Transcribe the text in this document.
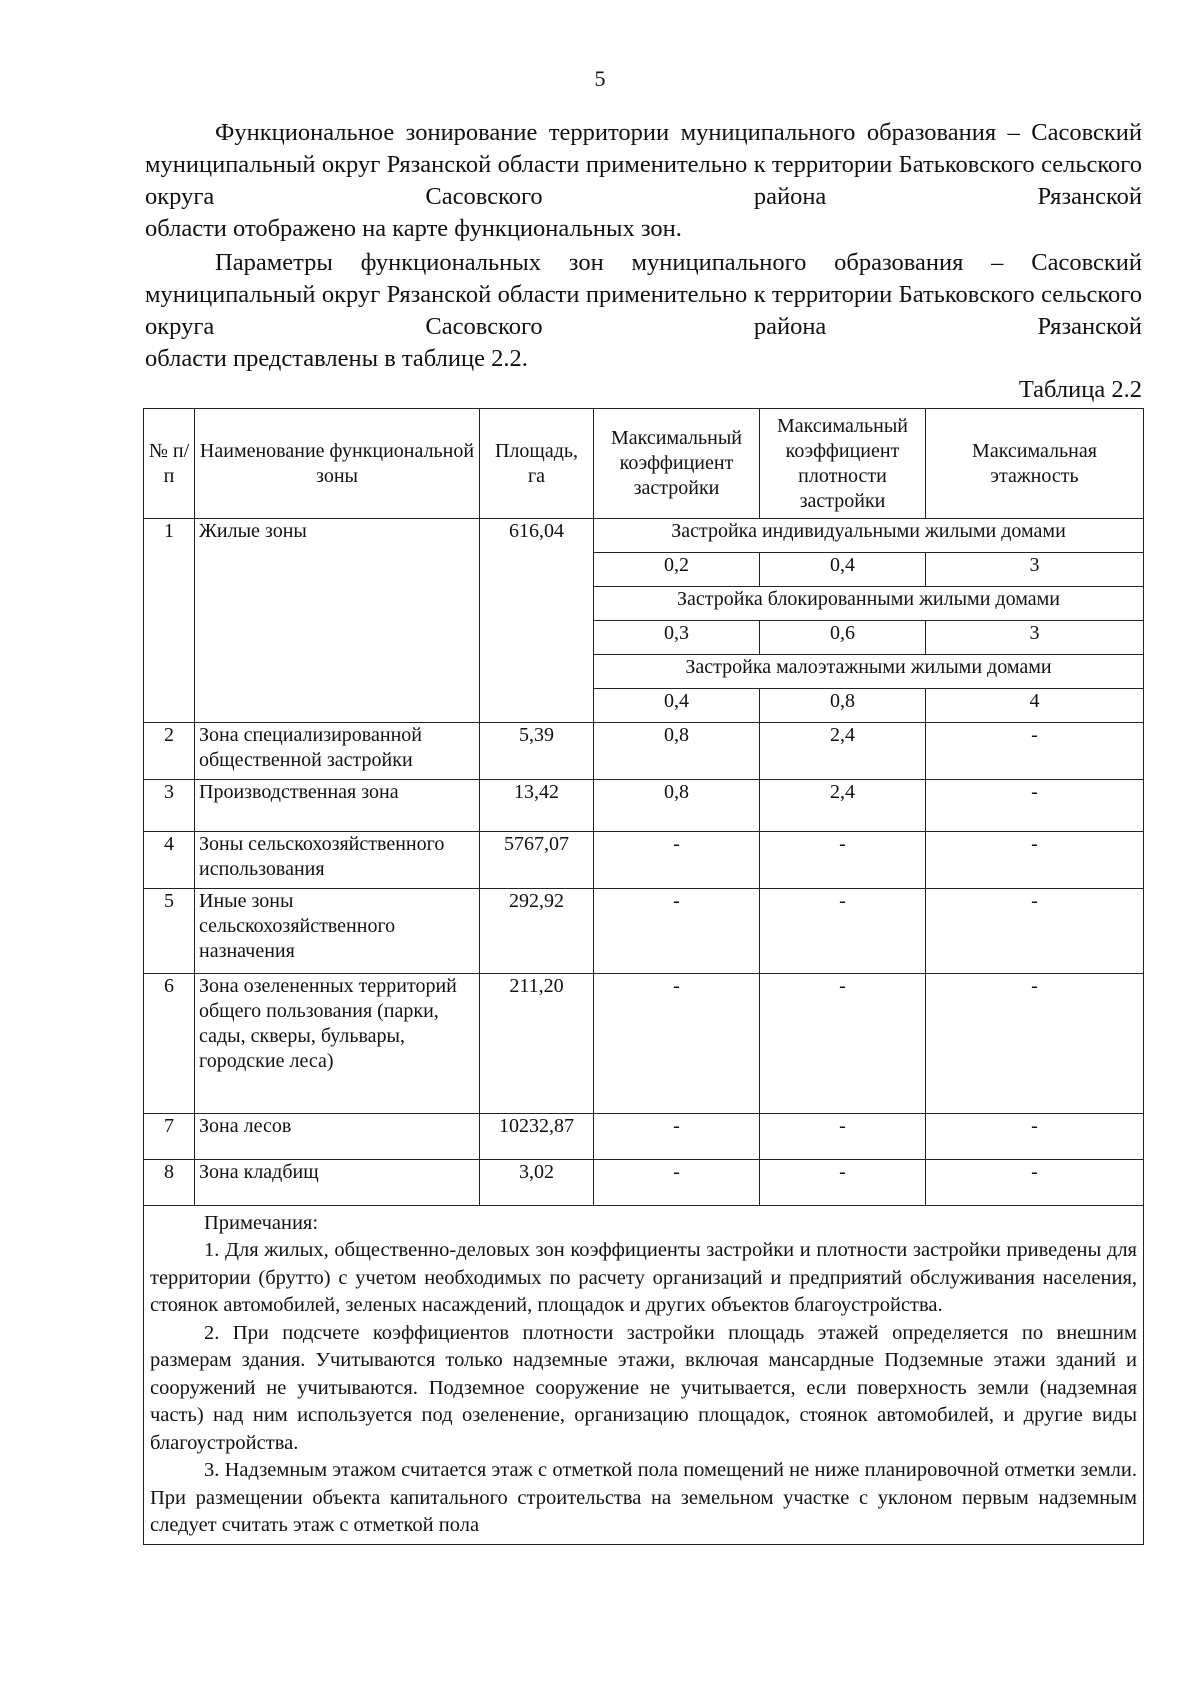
5

Функциональное зонирование территории муниципального образования – Сасовский муниципальный округ Рязанской области применительно к территории Батьковского сельского округа Сасовского района Рязанской
области отображено на карте функциональных зон.

Параметры функциональных зон муниципального образования – Сасовский муниципальный округ Рязанской области применительно к территории Батьковского сельского округа Сасовского района Рязанской
области представлены в таблице 2.2.

Таблица 2.2
№ п/п	Наименование функциональной зоны	Площадь, га	Максимальный коэффициент застройки	Максимальный коэффициент плотности застройки	Максимальная этажность
1	Жилые зоны	616,04	Застройка индивидуальными жилыми домами		
			0,2	0,4	3
			Застройка блокированными жилыми домами		
			0,3	0,6	3
			Застройка малоэтажными жилыми домами		
			0,4	0,8	4
2	Зона специализированной общественной застройки	5,39	0,8	2,4	-
3	Производственная зона	13,42	0,8	2,4	-
4	Зоны сельскохозяйственного использования	5767,07	-	-	-
5	Иные зоны сельскохозяйственного назначения	292,92	-	-	-
6	Зона озелененных территорий общего пользования (парки, сады, скверы, бульвары, городские леса)	211,20	-	-	-
7	Зона лесов	10232,87	-	-	-
8	Зона кладбищ	3,02	-	-	-

Примечания:

1. Для жилых, общественно-деловых зон коэффициенты застройки и плотности застройки приведены для территории (брутто) с учетом необходимых по расчету организаций и предприятий обслуживания населения, стоянок автомобилей, зеленых насаждений, площадок и других объектов благоустройства.

2. При подсчете коэффициентов плотности застройки площадь этажей определяется по внешним размерам здания. Учитываются только надземные этажи, включая мансардные Подземные этажи зданий и сооружений не учитываются. Подземное сооружение не учитывается, если поверхность земли (надземная часть) над ним используется под озеленение, организацию площадок, стоянок автомобилей, и другие виды благоустройства.

3. Надземным этажом считается этаж с отметкой пола помещений не ниже планировочной отметки земли. При размещении объекта капитального строительства на земельном участке с уклоном первым надземным следует считать этаж с отметкой пола					
